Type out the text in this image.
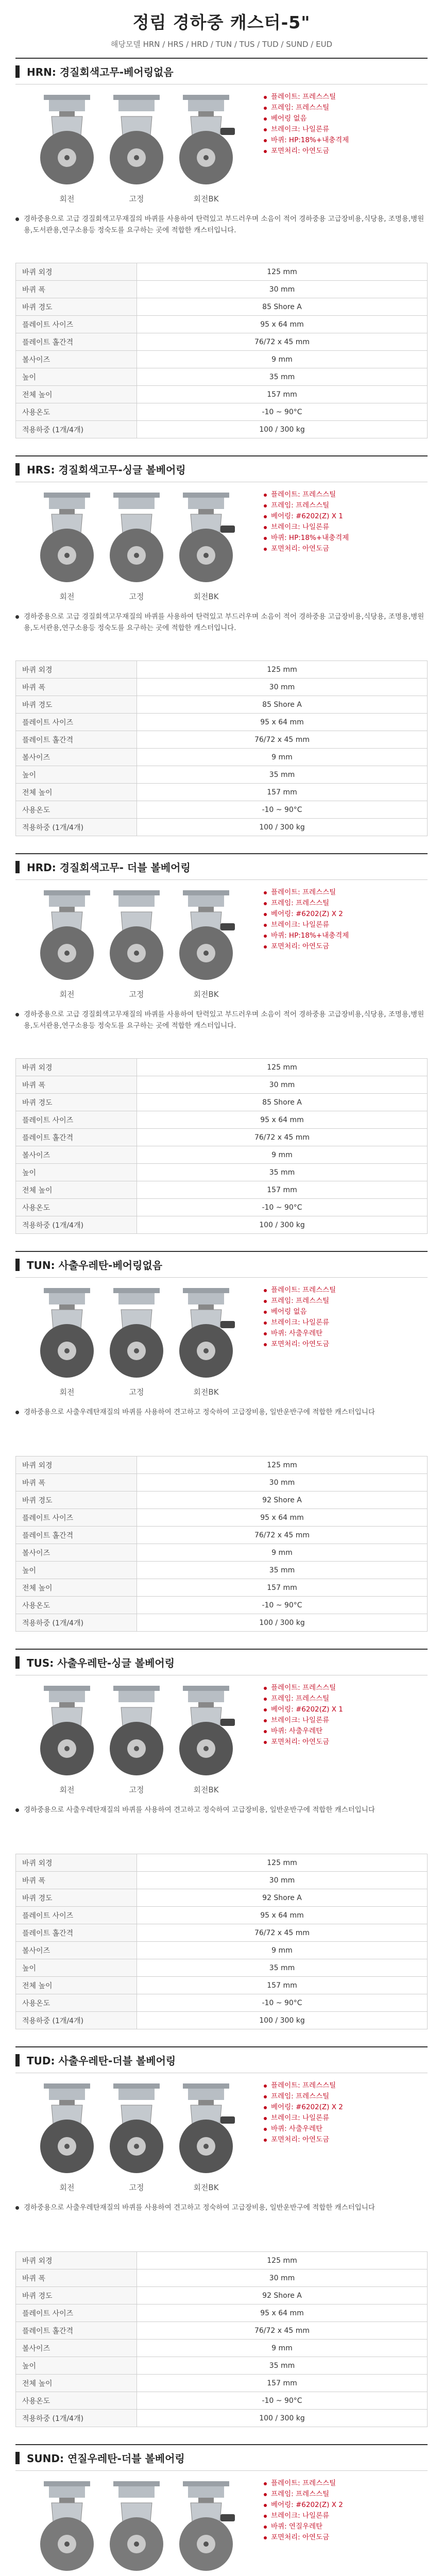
정림 경하중 캐스터-5"
해당모델 HRN / HRS / HRD / TUN / TUS / TUD / SUND / EUD
HRN: 경질회색고무-베어링없음
회전	고정	회전BK
플레이트: 프레스스틸
프레임: 프레스스틸
베어링 없음
브레이크: 나일론류
바퀴: HP:18%+내충격제
포면처리: 아연도금
경하중용으로 고급 경질회색고무재질의 바퀴를 사용하여 탄력있고 부드러우며 소음이 적어 경하중용 고급장비용,식당용, 조명용,병원용,도서관용,연구소용등 정숙도를 요구하는 곳에 적합한 캐스터입니다.
바퀴 외경	125 mm
바퀴 폭	30 mm
바퀴 경도	85 Shore A
플레이트 사이즈	95 x 64 mm
플레이트 홀간격	76/72 x 45 mm
볼사이즈	9 mm
높이	35 mm
전체 높이	157 mm
사용온도	-10 ~ 90°C
적용하중 (1개/4개)	100 / 300 kg
HRS: 경질회색고무-싱글 볼베어링
회전	고정	회전BK
플레이트: 프레스스틸
프레임: 프레스스틸
베어링: #6202(Z) X 1
브레이크: 나일론류
바퀴: HP:18%+내충격제
포면처리: 아연도금
경하중용으로 고급 경질회색고무재질의 바퀴를 사용하여 탄력있고 부드러우며 소음이 적어 경하중용 고급장비용,식당용, 조명용,병원용,도서관용,연구소용등 정숙도를 요구하는 곳에 적합한 캐스터입니다.
바퀴 외경	125 mm
바퀴 폭	30 mm
바퀴 경도	85 Shore A
플레이트 사이즈	95 x 64 mm
플레이트 홀간격	76/72 x 45 mm
볼사이즈	9 mm
높이	35 mm
전체 높이	157 mm
사용온도	-10 ~ 90°C
적용하중 (1개/4개)	100 / 300 kg
HRD: 경질회색고무- 더블 볼베어링
회전	고정	회전BK
플레이트: 프레스스틸
프레임: 프레스스틸
베어링: #6202(Z) X 2
브레이크: 나일론류
바퀴: HP:18%+내충격제
포면처리: 아연도금
경하중용으로 고급 경질회색고무재질의 바퀴를 사용하여 탄력있고 부드러우며 소음이 적어 경하중용 고급장비용,식당용, 조명용,병원용,도서관용,연구소용등 정숙도를 요구하는 곳에 적합한 캐스터입니다.
바퀴 외경	125 mm
바퀴 폭	30 mm
바퀴 경도	85 Shore A
플레이트 사이즈	95 x 64 mm
플레이트 홀간격	76/72 x 45 mm
볼사이즈	9 mm
높이	35 mm
전체 높이	157 mm
사용온도	-10 ~ 90°C
적용하중 (1개/4개)	100 / 300 kg
TUN: 사출우레탄-베어링없음
회전	고정	회전BK
플레이트: 프레스스틸
프레임: 프레스스틸
베어링 없음
브레이크: 나일론류
바퀴: 사출우레탄
포면처리: 아연도금
경하중용으로 사출우레탄재질의 바퀴를 사용하여 견고하고 정숙하여 고급장비용, 일반운반구에 적합한 캐스터입니다
바퀴 외경	125 mm
바퀴 폭	30 mm
바퀴 경도	92 Shore A
플레이트 사이즈	95 x 64 mm
플레이트 홀간격	76/72 x 45 mm
볼사이즈	9 mm
높이	35 mm
전체 높이	157 mm
사용온도	-10 ~ 90°C
적용하중 (1개/4개)	100 / 300 kg
TUS: 사출우레탄-싱글 볼베어링
회전	고정	회전BK
플레이트: 프레스스틸
프레임: 프레스스틸
베어링: #6202(Z) X 1
브레이크: 나일론류
바퀴: 사출우레탄
포면처리: 아연도금
경하중용으로 사출우레탄재질의 바퀴를 사용하여 견고하고 정숙하여 고급장비용, 일반운반구에 적합한 캐스터입니다
바퀴 외경	125 mm
바퀴 폭	30 mm
바퀴 경도	92 Shore A
플레이트 사이즈	95 x 64 mm
플레이트 홀간격	76/72 x 45 mm
볼사이즈	9 mm
높이	35 mm
전체 높이	157 mm
사용온도	-10 ~ 90°C
적용하중 (1개/4개)	100 / 300 kg
TUD: 사출우레탄-더블 볼베어링
회전	고정	회전BK
플레이트: 프레스스틸
프레임: 프레스스틸
베어링: #6202(Z) X 2
브레이크: 나일론류
바퀴: 사출우레탄
포면처리: 아연도금
경하중용으로 사출우레탄재질의 바퀴를 사용하여 견고하고 정숙하여 고급장비용, 일반운반구에 적합한 캐스터입니다
바퀴 외경	125 mm
바퀴 폭	30 mm
바퀴 경도	92 Shore A
플레이트 사이즈	95 x 64 mm
플레이트 홀간격	76/72 x 45 mm
볼사이즈	9 mm
높이	35 mm
전체 높이	157 mm
사용온도	-10 ~ 90°C
적용하중 (1개/4개)	100 / 300 kg
SUND: 연질우레탄-더블 볼베어링
플레이트: 프레스스틸
프레임: 프레스스틸
베어링: #6202(Z) X 2
브레이크: 나일론류
바퀴: 연질우레탄
포면처리: 아연도금
